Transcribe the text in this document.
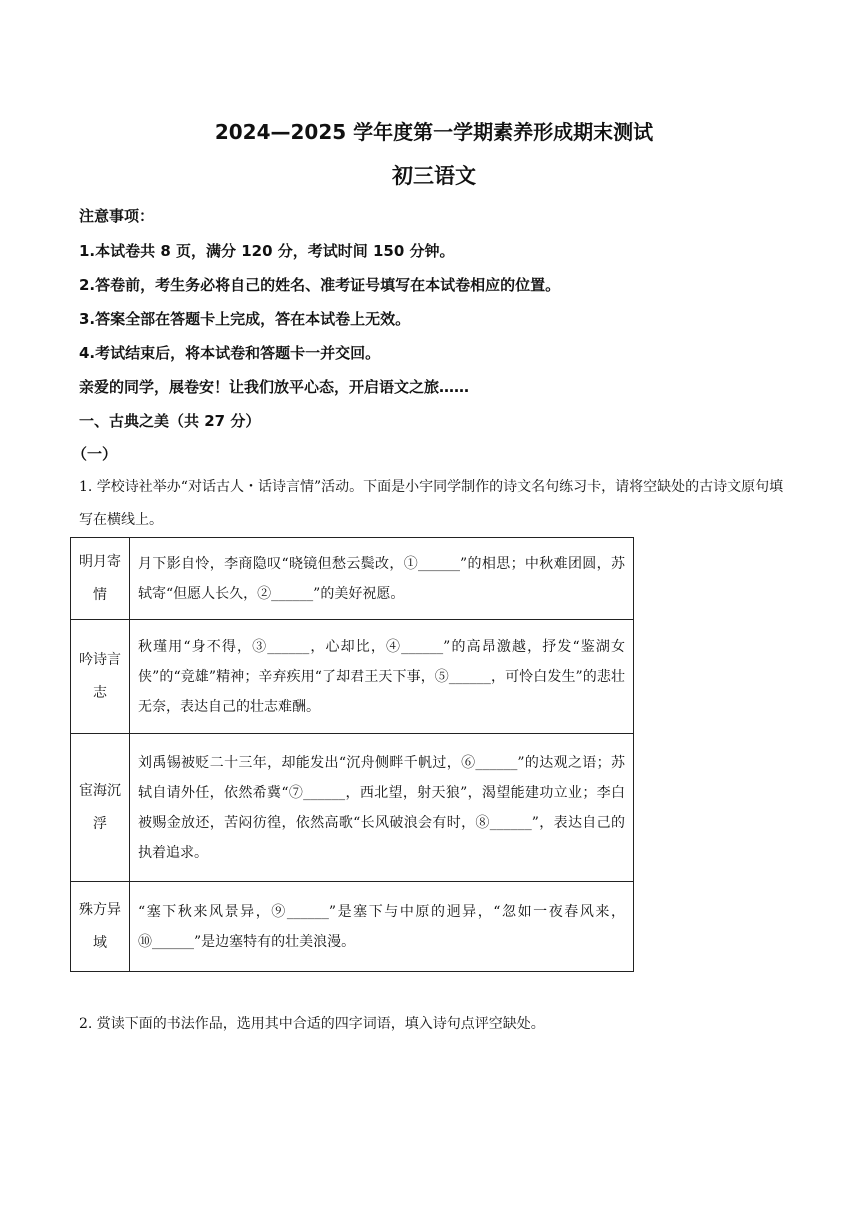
2024—2025 学年度第一学期素养形成期末测试
初三语文
注意事项：
1.本试卷共 8 页，满分 120 分，考试时间 150 分钟。
2.答卷前，考生务必将自己的姓名、准考证号填写在本试卷相应的位置。
3.答案全部在答题卡上完成，答在本试卷上无效。
4.考试结束后，将本试卷和答题卡一并交回。
亲爱的同学，展卷安！让我们放平心态，开启语文之旅……
一、古典之美（共 27 分）
（一）
1. 学校诗社举办“对话古人・话诗言情”活动。下面是小宇同学制作的诗文名句练习卡，请将空缺处的古诗文原句填写在横线上。
明月寄情	月下影自怜，李商隐叹“晓镜但愁云鬓改，①______”的相思；中秋难团圆，苏轼寄“但愿人长久，②______”的美好祝愿。
吟诗言志	秋瑾用“身不得，③______，心却比，④______”的高昂激越，抒发“鉴湖女侠”的“竞雄”精神；辛弃疾用“了却君王天下事，⑤______，可怜白发生”的悲壮无奈，表达自己的壮志难酬。
宦海沉浮	刘禹锡被贬二十三年，却能发出“沉舟侧畔千帆过，⑥______”的达观之语；苏轼自请外任，依然希冀“⑦______，西北望，射天狼”，渴望能建功立业；李白被赐金放还，苦闷彷徨，依然高歌“长风破浪会有时，⑧______”，表达自己的执着追求。
殊方异域	“塞下秋来风景异，⑨______”是塞下与中原的迥异，“忽如一夜春风来，⑩______”是边塞特有的壮美浪漫。
2. 赏读下面的书法作品，选用其中合适的四字词语，填入诗句点评空缺处。
